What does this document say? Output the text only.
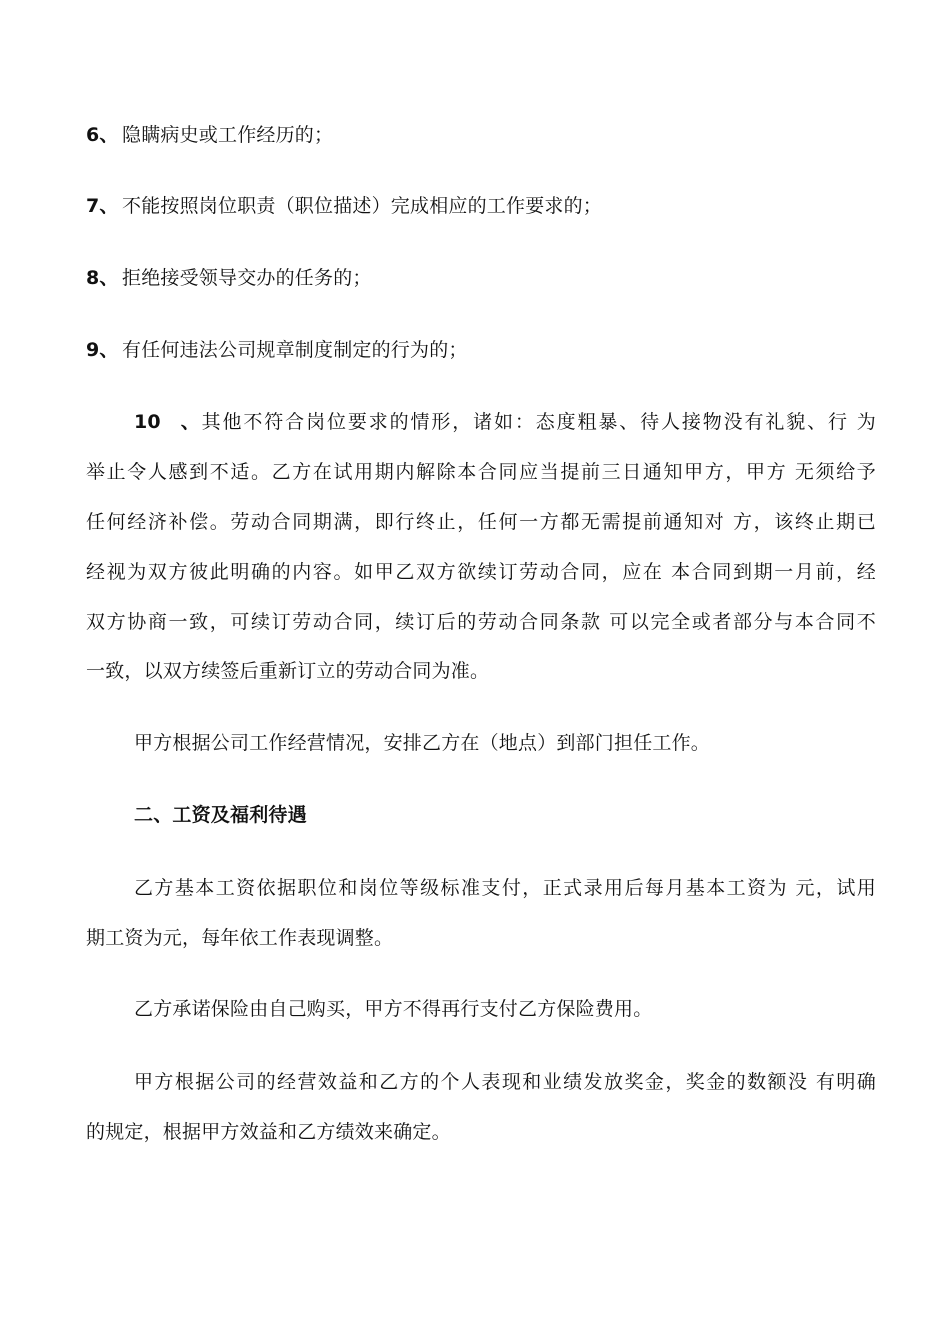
6、 隐瞒病史或工作经历的；
7、 不能按照岗位职责（职位描述）完成相应的工作要求的；
8、 拒绝接受领导交办的任务的；
9、 有任何违法公司规章制度制定的行为的；
10、其他不符合岗位要求的情形，诸如：态度粗暴、待人接物没有礼貌、行 为
举止令人感到不适。乙方在试用期内解除本合同应当提前三日通知甲方，甲方 无须给予
任何经济补偿。劳动合同期满，即行终止，任何一方都无需提前通知对 方，该终止期已
经视为双方彼此明确的内容。如甲乙双方欲续订劳动合同，应在 本合同到期一月前，经
双方协商一致，可续订劳动合同，续订后的劳动合同条款 可以完全或者部分与本合同不
一致，以双方续签后重新订立的劳动合同为准。
甲方根据公司工作经营情况，安排乙方在（地点）到部门担任工作。
二、工资及福利待遇
乙方基本工资依据职位和岗位等级标准支付，正式录用后每月基本工资为 元，试用
期工资为元，每年依工作表现调整。
乙方承诺保险由自己购买，甲方不得再行支付乙方保险费用。
甲方根据公司的经营效益和乙方的个人表现和业绩发放奖金，奖金的数额没 有明确
的规定，根据甲方效益和乙方绩效来确定。
